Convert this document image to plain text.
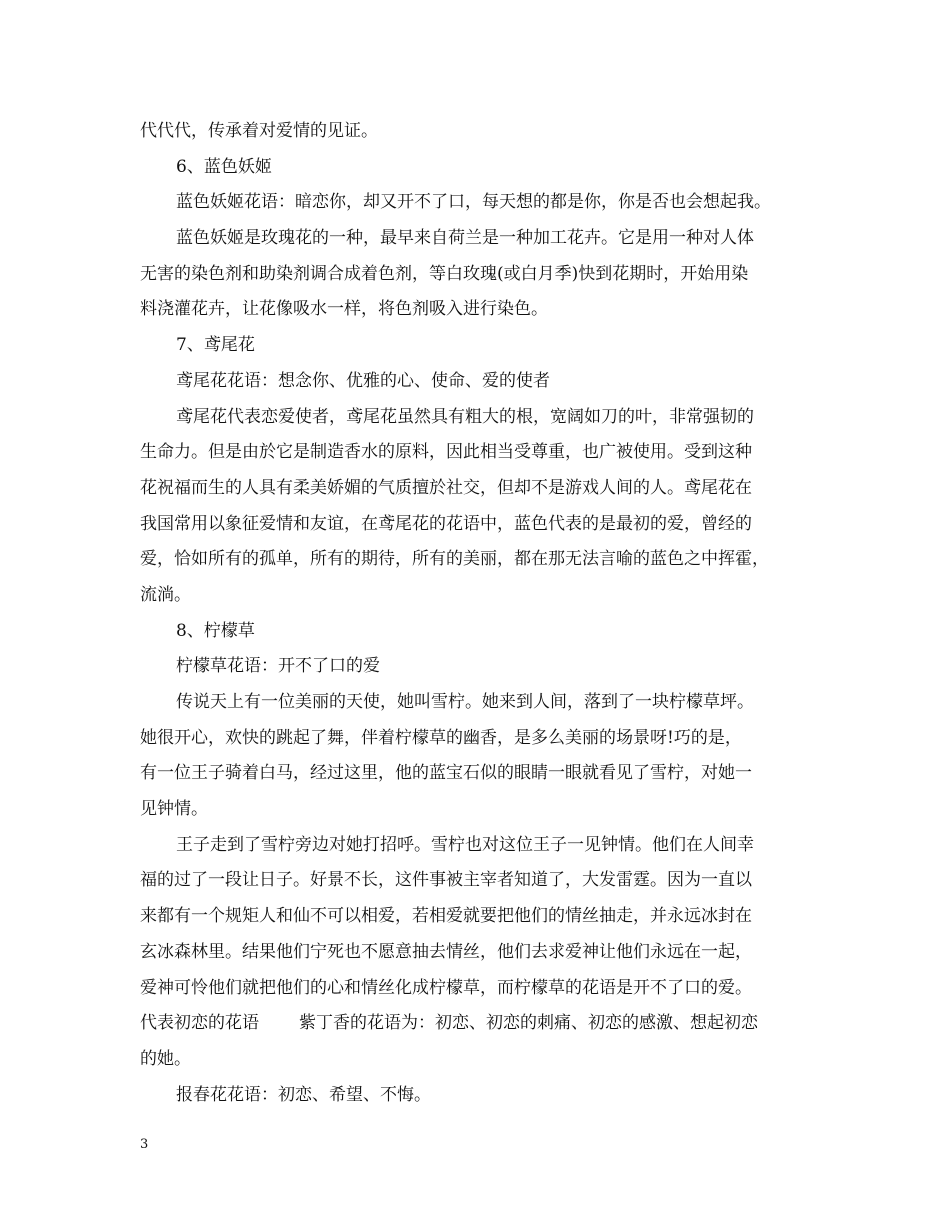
代代代，传承着对爱情的见证。
6、蓝色妖姬
蓝色妖姬花语：暗恋你，却又开不了口，每天想的都是你，你是否也会想起我。
蓝色妖姬是玫瑰花的一种，最早来自荷兰是一种加工花卉。它是用一种对人体
无害的染色剂和助染剂调合成着色剂，等白玫瑰(或白月季)快到花期时，开始用染
料浇灌花卉，让花像吸水一样，将色剂吸入进行染色。
7、鸢尾花
鸢尾花花语：想念你、优雅的心、使命、爱的使者
鸢尾花代表恋爱使者，鸢尾花虽然具有粗大的根，宽阔如刀的叶，非常强韧的
生命力。但是由於它是制造香水的原料，因此相当受尊重，也广被使用。受到这种
花祝福而生的人具有柔美娇媚的气质擅於社交，但却不是游戏人间的人。鸢尾花在
我国常用以象征爱情和友谊，在鸢尾花的花语中，蓝色代表的是最初的爱，曾经的
爱，恰如所有的孤单，所有的期待，所有的美丽，都在那无法言喻的蓝色之中挥霍，
流淌。
8、柠檬草
柠檬草花语：开不了口的爱
传说天上有一位美丽的天使，她叫雪柠。她来到人间，落到了一块柠檬草坪。
她很开心，欢快的跳起了舞，伴着柠檬草的幽香，是多么美丽的场景呀!巧的是，
有一位王子骑着白马，经过这里，他的蓝宝石似的眼睛一眼就看见了雪柠，对她一
见钟情。
王子走到了雪柠旁边对她打招呼。雪柠也对这位王子一见钟情。他们在人间幸
福的过了一段让日子。好景不长，这件事被主宰者知道了，大发雷霆。因为一直以
来都有一个规矩人和仙不可以相爱，若相爱就要把他们的情丝抽走，并永远冰封在
玄冰森林里。结果他们宁死也不愿意抽去情丝，他们去求爱神让他们永远在一起，
爱神可怜他们就把他们的心和情丝化成柠檬草，而柠檬草的花语是开不了口的爱。
代表初恋的花语 紫丁香的花语为：初恋、初恋的刺痛、初恋的感激、想起初恋
的她。
报春花花语：初恋、希望、不悔。
3
